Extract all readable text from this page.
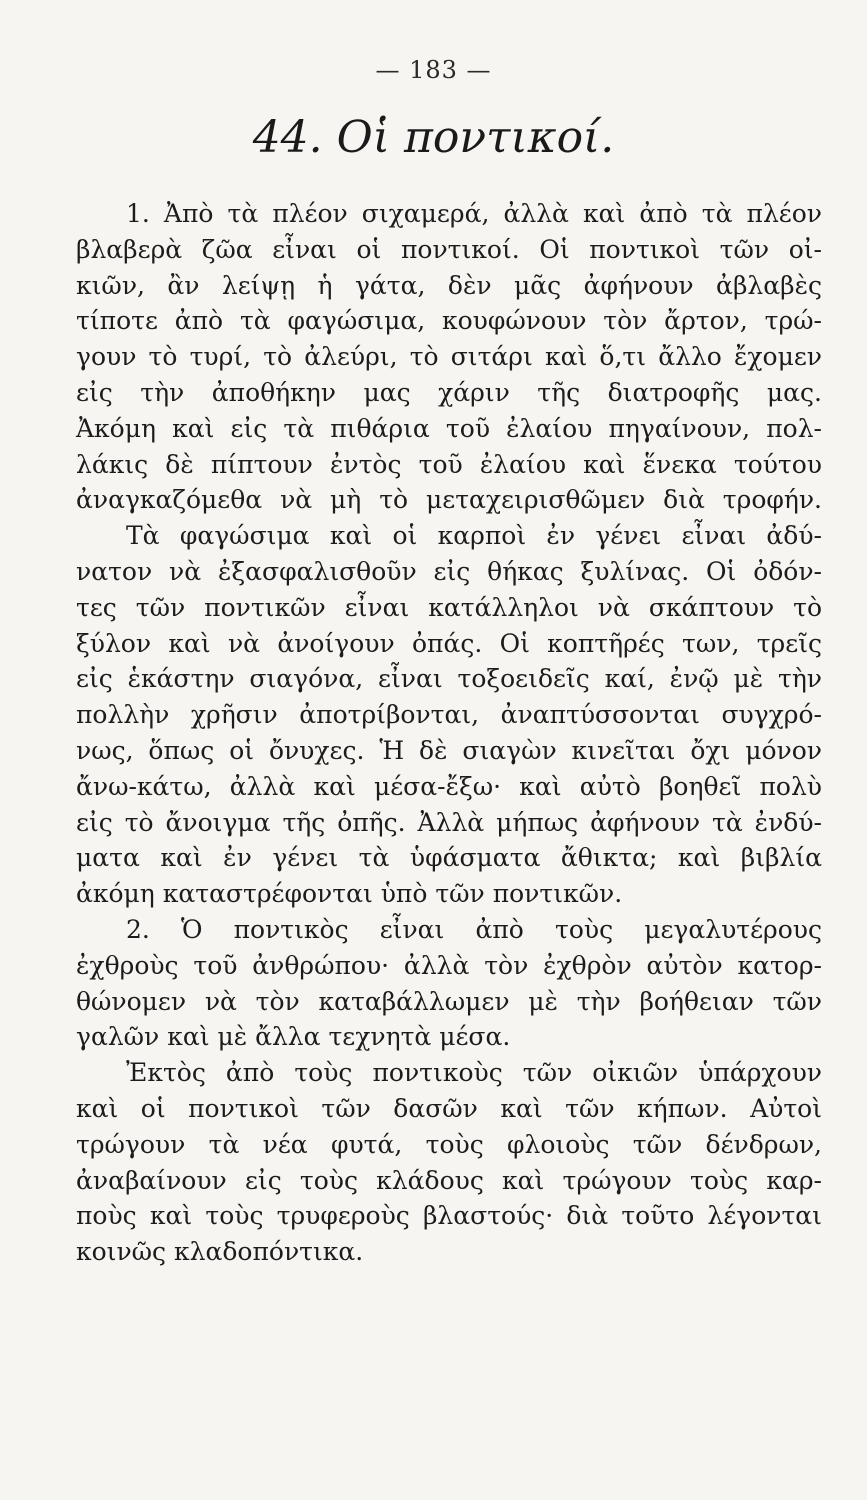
— 183 —
44. Οἱ ποντικοί.
1. Ἀπὸ τὰ πλέον σιχαμερά, ἀλλὰ καὶ ἀπὸ τὰ πλέον
βλαβερὰ ζῶα εἶναι οἱ ποντικοί. Οἱ ποντικοὶ τῶν οἰ-
κιῶν, ἂν λείψῃ ἡ γάτα, δὲν μᾶς ἀφήνουν ἀβλαβὲς
τίποτε ἀπὸ τὰ φαγώσιμα, κουφώνουν τὸν ἄρτον, τρώ-
γουν τὸ τυρί, τὸ ἀλεύρι, τὸ σιτάρι καὶ ὅ,τι ἄλλο ἔχομεν
εἰς τὴν ἀποθήκην μας χάριν τῆς διατροφῆς μας.
Ἀκόμη καὶ εἰς τὰ πιθάρια τοῦ ἐλαίου πηγαίνουν, πολ-
λάκις δὲ πίπτουν ἐντὸς τοῦ ἐλαίου καὶ ἕνεκα τούτου
ἀναγκαζόμεθα νὰ μὴ τὸ μεταχειρισθῶμεν διὰ τροφήν.
Τὰ φαγώσιμα καὶ οἱ καρποὶ ἐν γένει εἶναι ἀδύ-
νατον νὰ ἐξασφαλισθοῦν εἰς θήκας ξυλίνας. Οἱ ὀδόν-
τες τῶν ποντικῶν εἶναι κατάλληλοι νὰ σκάπτουν τὸ
ξύλον καὶ νὰ ἀνοίγουν ὀπάς. Οἱ κοπτῆρές των, τρεῖς
εἰς ἑκάστην σιαγόνα, εἶναι τοξοειδεῖς καί, ἐνῷ μὲ τὴν
πολλὴν χρῆσιν ἀποτρίβονται, ἀναπτύσσονται συγχρό-
νως, ὅπως οἱ ὄνυχες. Ἡ δὲ σιαγὼν κινεῖται ὄχι μόνον
ἄνω-κάτω, ἀλλὰ καὶ μέσα-ἔξω· καὶ αὐτὸ βοηθεῖ πολὺ
εἰς τὸ ἄνοιγμα τῆς ὀπῆς. Ἀλλὰ μήπως ἀφήνουν τὰ ἐνδύ-
ματα καὶ ἐν γένει τὰ ὑφάσματα ἄθικτα; καὶ βιβλία
ἀκόμη καταστρέφονται ὑπὸ τῶν ποντικῶν.
2. Ὁ ποντικὸς εἶναι ἀπὸ τοὺς μεγαλυτέρους
ἐχθροὺς τοῦ ἀνθρώπου· ἀλλὰ τὸν ἐχθρὸν αὐτὸν κατορ-
θώνομεν νὰ τὸν καταβάλλωμεν μὲ τὴν βοήθειαν τῶν
γαλῶν καὶ μὲ ἄλλα τεχνητὰ μέσα.
Ἐκτὸς ἀπὸ τοὺς ποντικοὺς τῶν οἰκιῶν ὑπάρχουν
καὶ οἱ ποντικοὶ τῶν δασῶν καὶ τῶν κήπων. Αὐτοὶ
τρώγουν τὰ νέα φυτά, τοὺς φλοιοὺς τῶν δένδρων,
ἀναβαίνουν εἰς τοὺς κλάδους καὶ τρώγουν τοὺς καρ-
ποὺς καὶ τοὺς τρυφεροὺς βλαστούς· διὰ τοῦτο λέγονται
κοινῶς κλαδοπόντικα.
